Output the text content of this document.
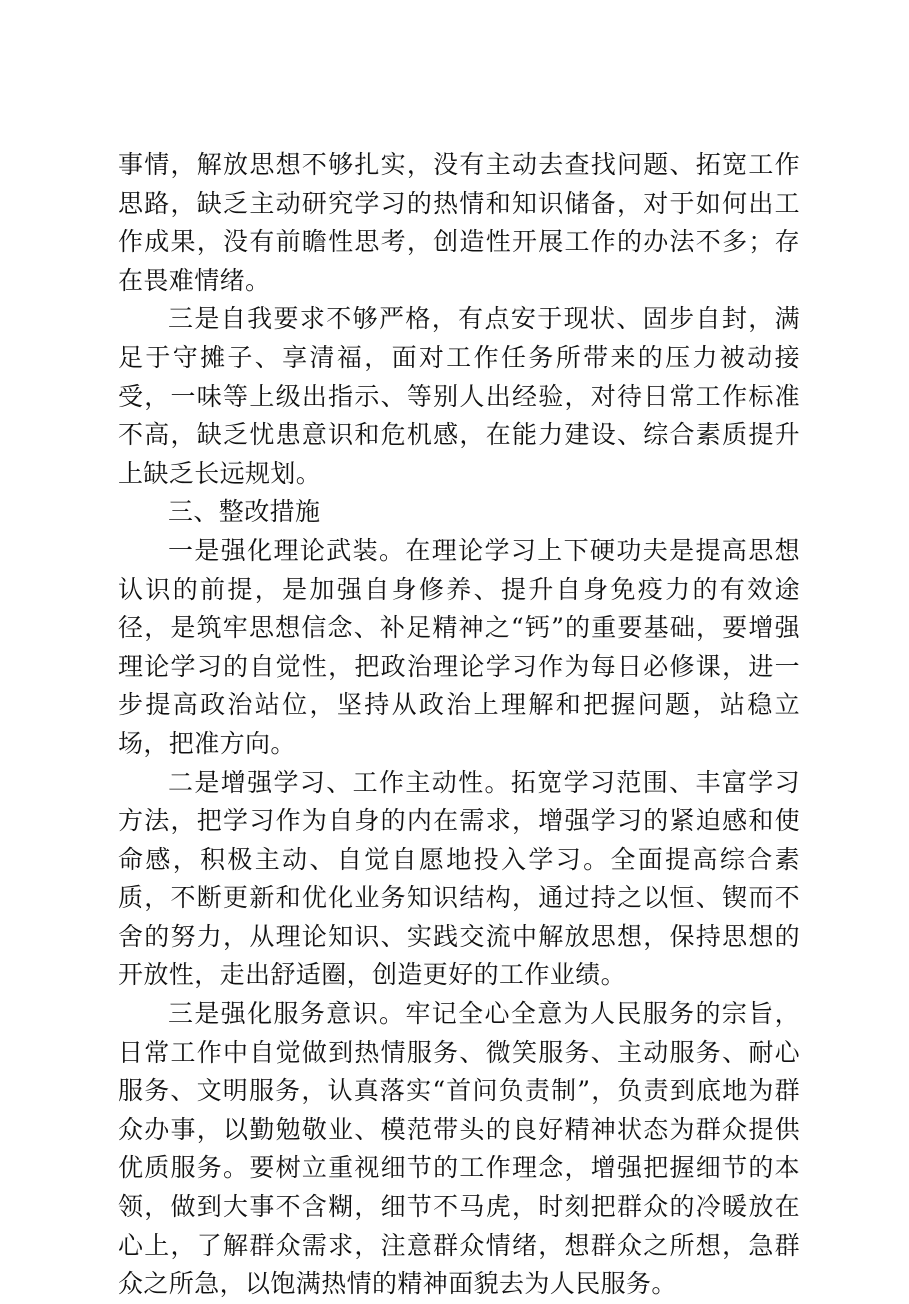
事情，解放思想不够扎实，没有主动去查找问题、拓宽工作思路，缺乏主动研究学习的热情和知识储备，对于如何出工作成果，没有前瞻性思考，创造性开展工作的办法不多；存在畏难情绪。

三是自我要求不够严格，有点安于现状、固步自封，满足于守摊子、享清福，面对工作任务所带来的压力被动接受，一味等上级出指示、等别人出经验，对待日常工作标准不高，缺乏忧患意识和危机感，在能力建设、综合素质提升上缺乏长远规划。

三、整改措施

一是强化理论武装。在理论学习上下硬功夫是提高思想认识的前提，是加强自身修养、提升自身免疫力的有效途径，是筑牢思想信念、补足精神之“钙”的重要基础，要增强理论学习的自觉性，把政治理论学习作为每日必修课，进一步提高政治站位，坚持从政治上理解和把握问题，站稳立场，把准方向。

二是增强学习、工作主动性。拓宽学习范围、丰富学习方法，把学习作为自身的内在需求，增强学习的紧迫感和使命感，积极主动、自觉自愿地投入学习。全面提高综合素质，不断更新和优化业务知识结构，通过持之以恒、锲而不舍的努力，从理论知识、实践交流中解放思想，保持思想的开放性，走出舒适圈，创造更好的工作业绩。

三是强化服务意识。牢记全心全意为人民服务的宗旨，日常工作中自觉做到热情服务、微笑服务、主动服务、耐心服务、文明服务，认真落实“首问负责制”，负责到底地为群众办事，以勤勉敬业、模范带头的良好精神状态为群众提供优质服务。要树立重视细节的工作理念，增强把握细节的本领，做到大事不含糊，细节不马虎，时刻把群众的冷暖放在心上，了解群众需求，注意群众情绪，想群众之所想，急群众之所急，以饱满热情的精神面貌去为人民服务。
